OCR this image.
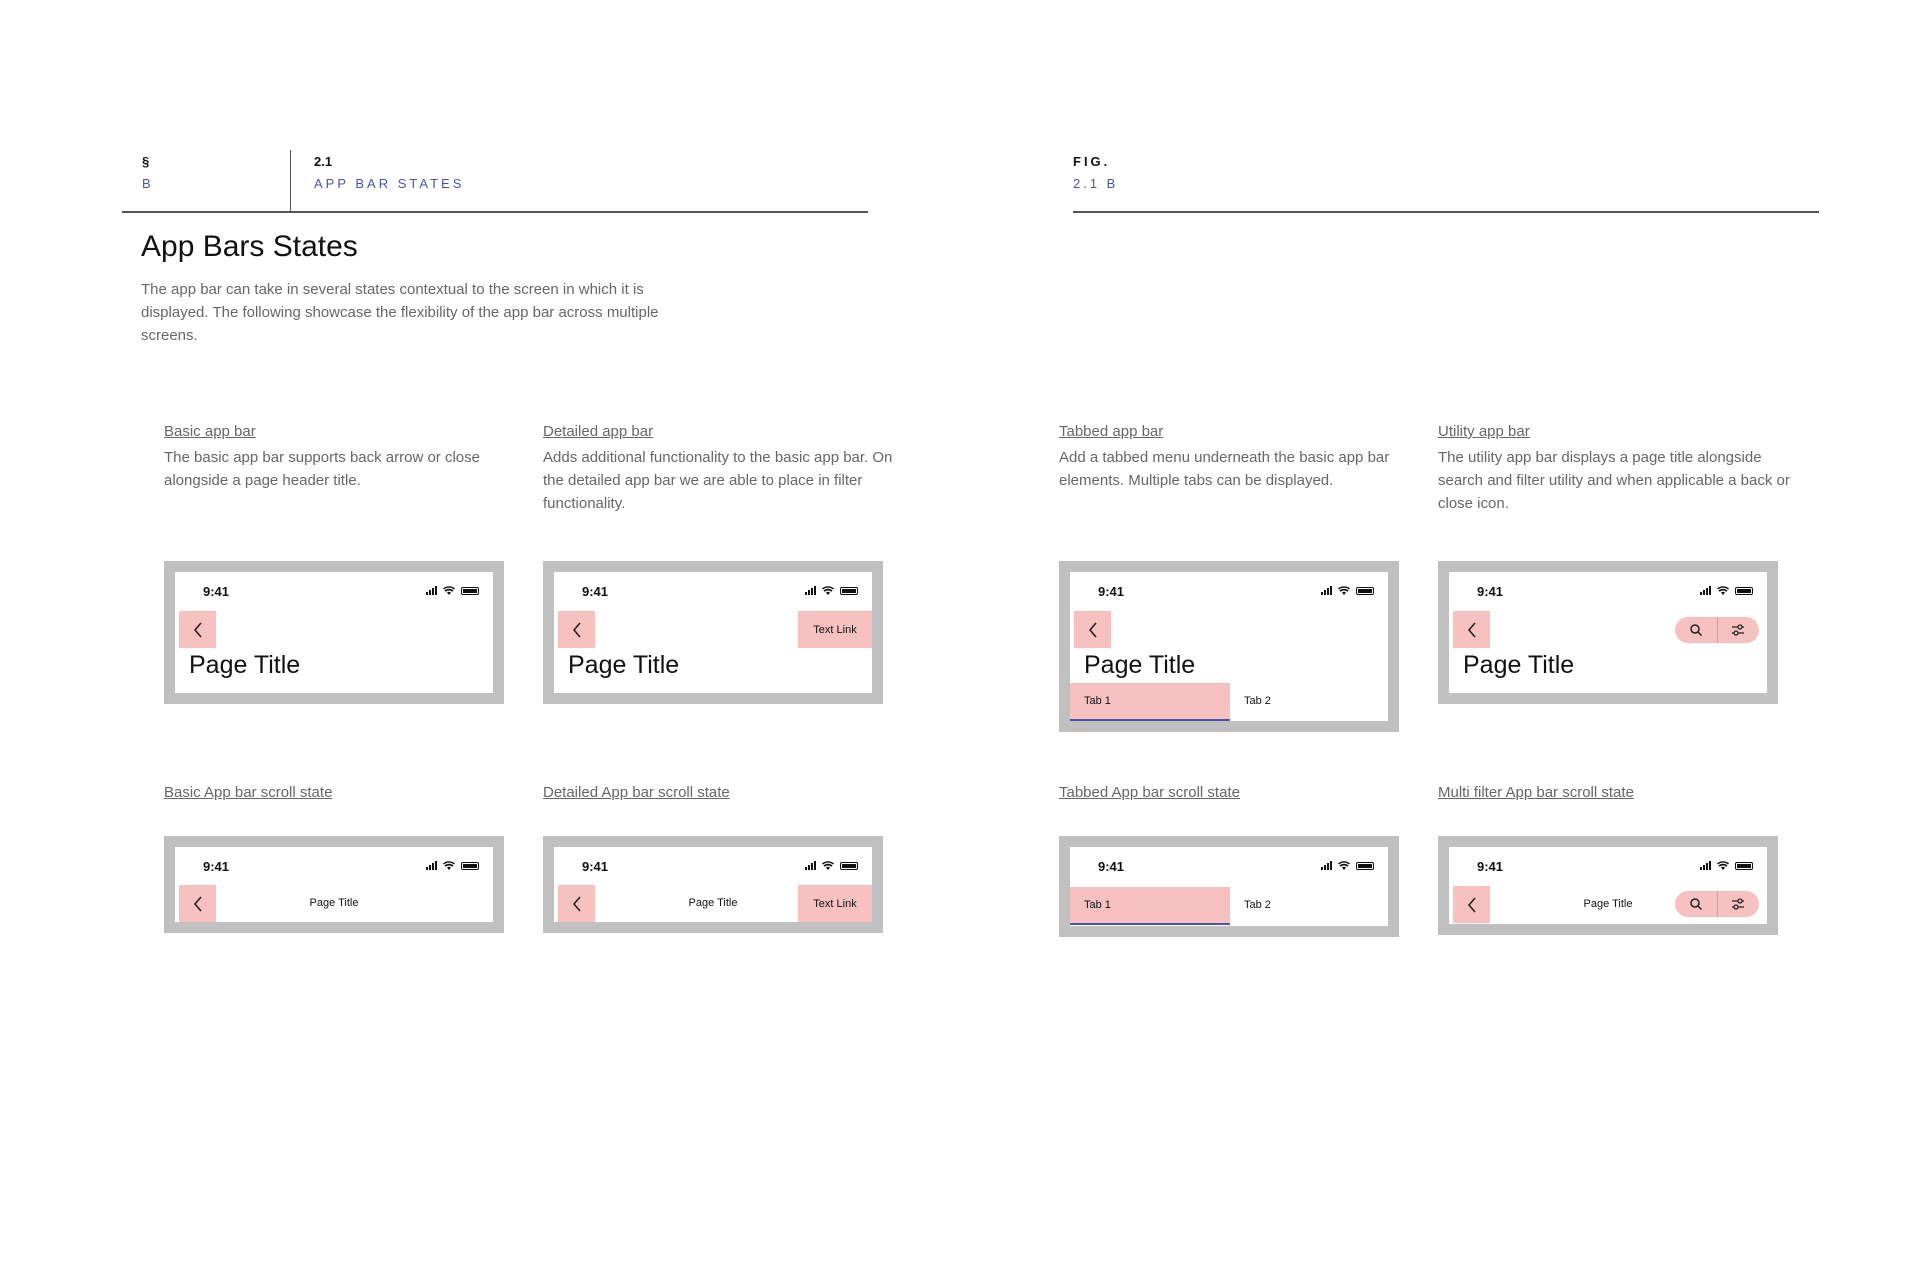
§
B
2.1
APP BAR STATES
FIG.
2.1 B
App Bars States
The app bar can take in several states contextual to the screen in which it is displayed. The following showcase the flexibility of the app bar across multiple screens.
Basic app bar
The basic app bar supports back arrow or close alongside a page header title.
Detailed app bar
Adds additional functionality to the basic app bar. On the detailed app bar we are able to place in filter functionality.
Tabbed app bar
Add a tabbed menu underneath the basic app bar elements. Multiple tabs can be displayed.
Utility app bar
The utility app bar displays a page title alongside search and filter utility and when applicable a back or close icon.
9:41
Page Title
9:41
Text Link
Page Title
9:41
Page Title
Tab 1	Tab 2
9:41
Page Title
Basic App bar scroll state	Detailed App bar scroll state	Tabbed App bar scroll state	Multi filter App bar scroll state
9:41
Page Title
9:41
Page Title	Text Link
9:41
Tab 1	Tab 2
9:41
Page Title
